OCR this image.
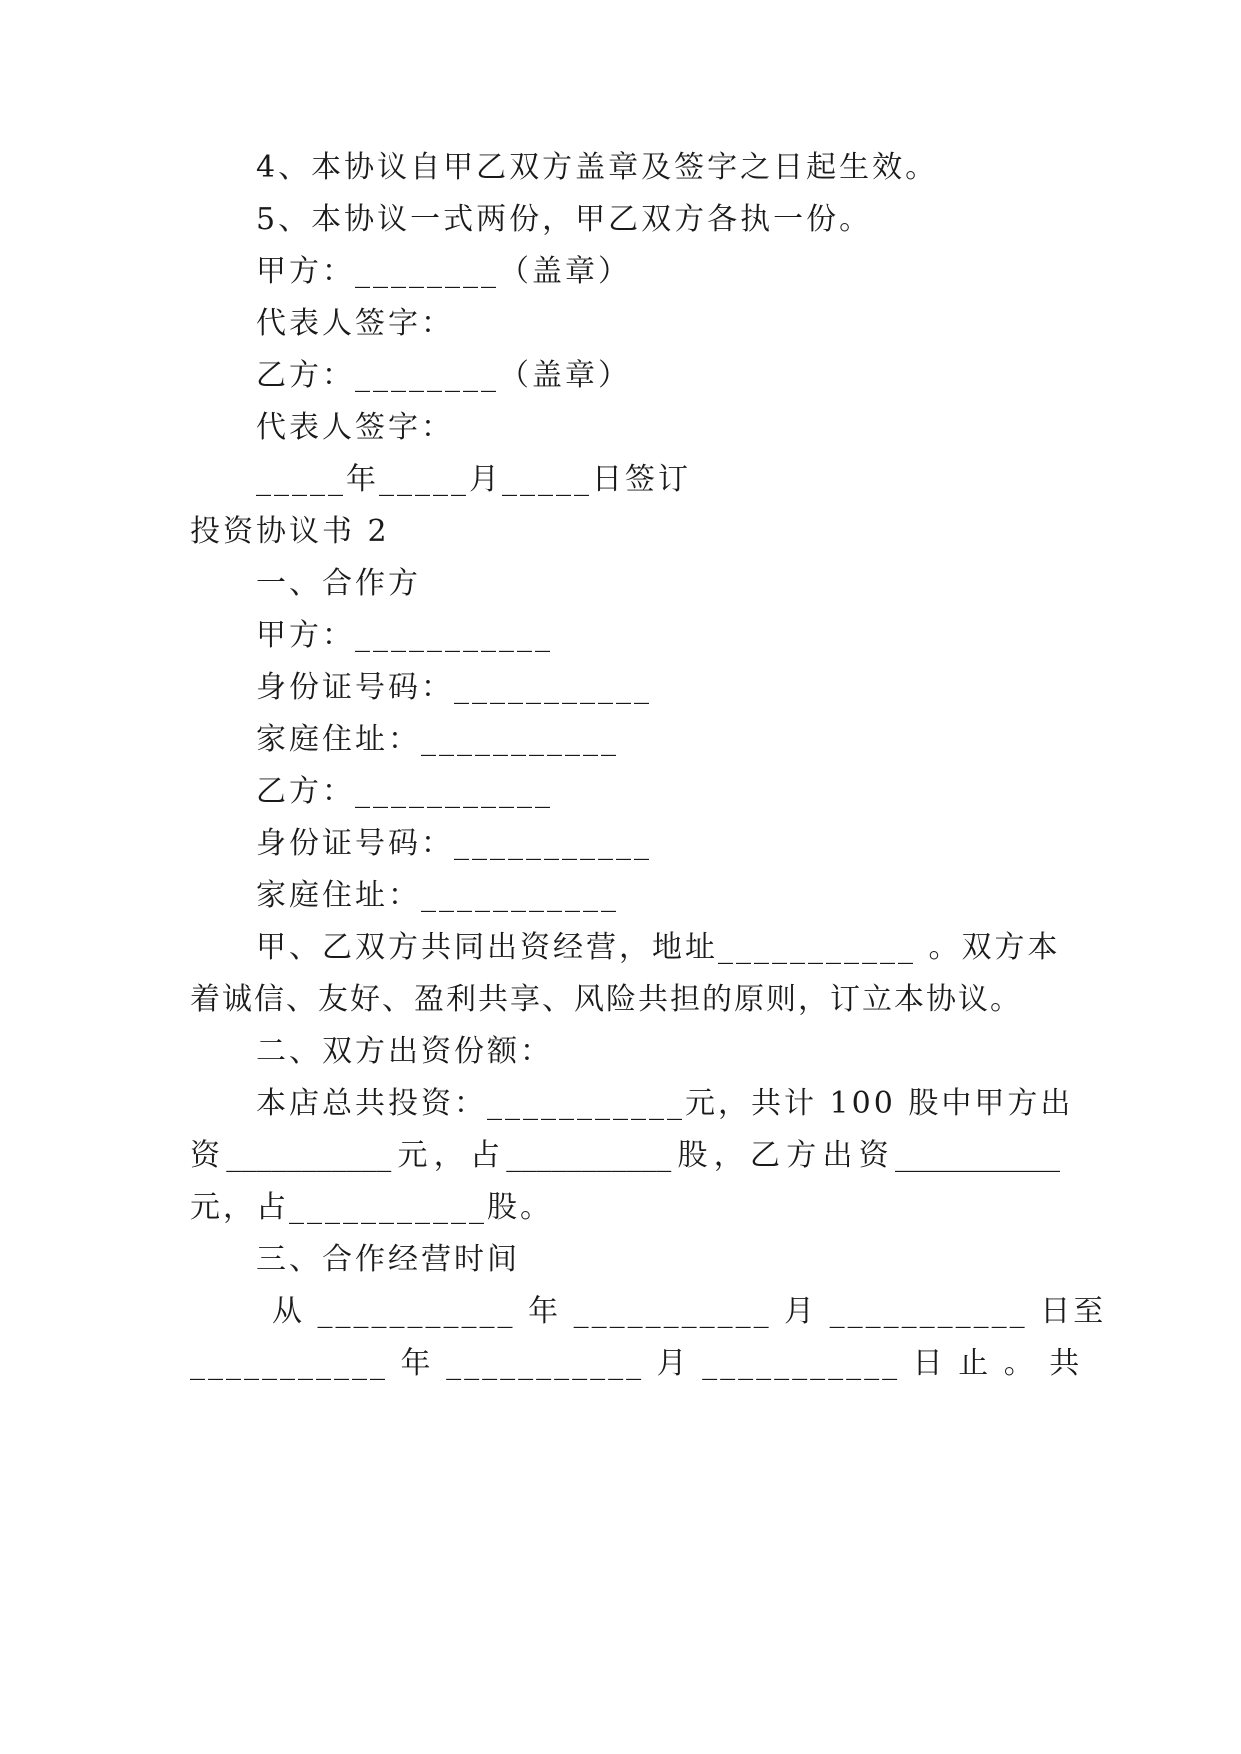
4、本协议自甲乙双方盖章及签字之日起生效。
5、本协议一式两份，甲乙双方各执一份。
甲方：________（盖章）
代表人签字：
乙方：________（盖章）
代表人签字：
_____年_____月_____日签订
投资协议书 2
一、合作方
甲方：___________
身份证号码：___________
家庭住址：___________
乙方：___________
身份证号码：___________
家庭住址：___________
甲、乙双方共同出资经营，地址___________ 。双方本
着诚信、友好、盈利共享、风险共担的原则，订立本协议。
二、双方出资份额：
本店总共投资：___________元，共计 100 股中甲方出
资___________元，占___________股，乙方出资___________
元，占___________股。
三、合作经营时间
从 ___________ 年 ___________ 月 ___________ 日至
___________ 年 ___________ 月 ___________ 日 止 。 共
